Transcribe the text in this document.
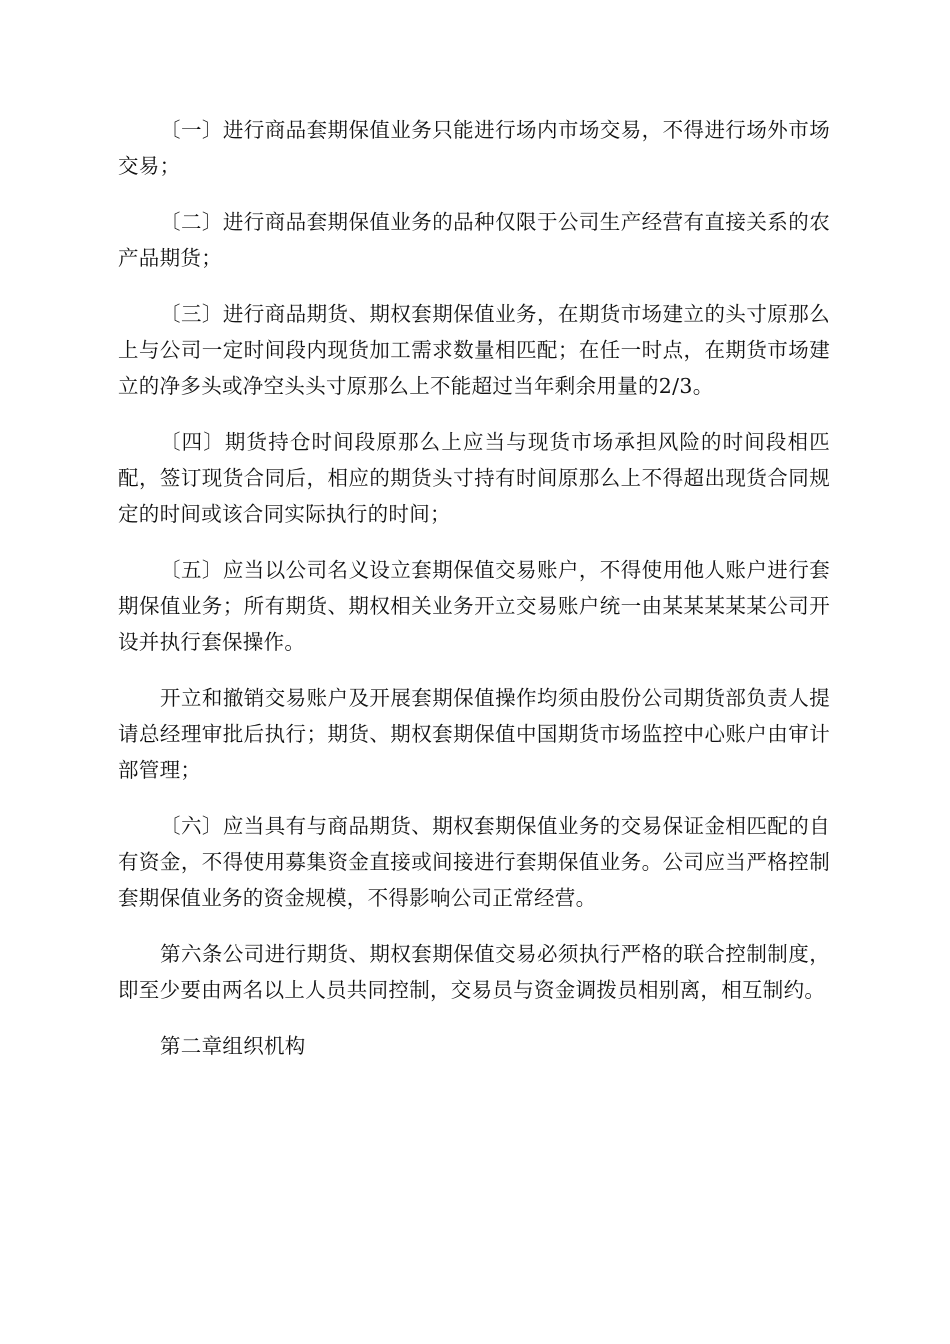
〔一〕进行商品套期保值业务只能进行场内市场交易，不得进行场外市场交易；

〔二〕进行商品套期保值业务的品种仅限于公司生产经营有直接关系的农产品期货；

〔三〕进行商品期货、期权套期保值业务，在期货市场建立的头寸原那么上与公司一定时间段内现货加工需求数量相匹配；在任一时点，在期货市场建立的净多头或净空头头寸原那么上不能超过当年剩余用量的2/3。

〔四〕期货持仓时间段原那么上应当与现货市场承担风险的时间段相匹配，签订现货合同后，相应的期货头寸持有时间原那么上不得超出现货合同规定的时间或该合同实际执行的时间；

〔五〕应当以公司名义设立套期保值交易账户，不得使用他人账户进行套期保值业务；所有期货、期权相关业务开立交易账户统一由某某某某某公司开设并执行套保操作。

开立和撤销交易账户及开展套期保值操作均须由股份公司期货部负责人提请总经理审批后执行；期货、期权套期保值中国期货市场监控中心账户由审计部管理；

〔六〕应当具有与商品期货、期权套期保值业务的交易保证金相匹配的自有资金，不得使用募集资金直接或间接进行套期保值业务。公司应当严格控制套期保值业务的资金规模，不得影响公司正常经营。

第六条公司进行期货、期权套期保值交易必须执行严格的联合控制制度，即至少要由两名以上人员共同控制，交易员与资金调拨员相别离，相互制约。

第二章组织机构
